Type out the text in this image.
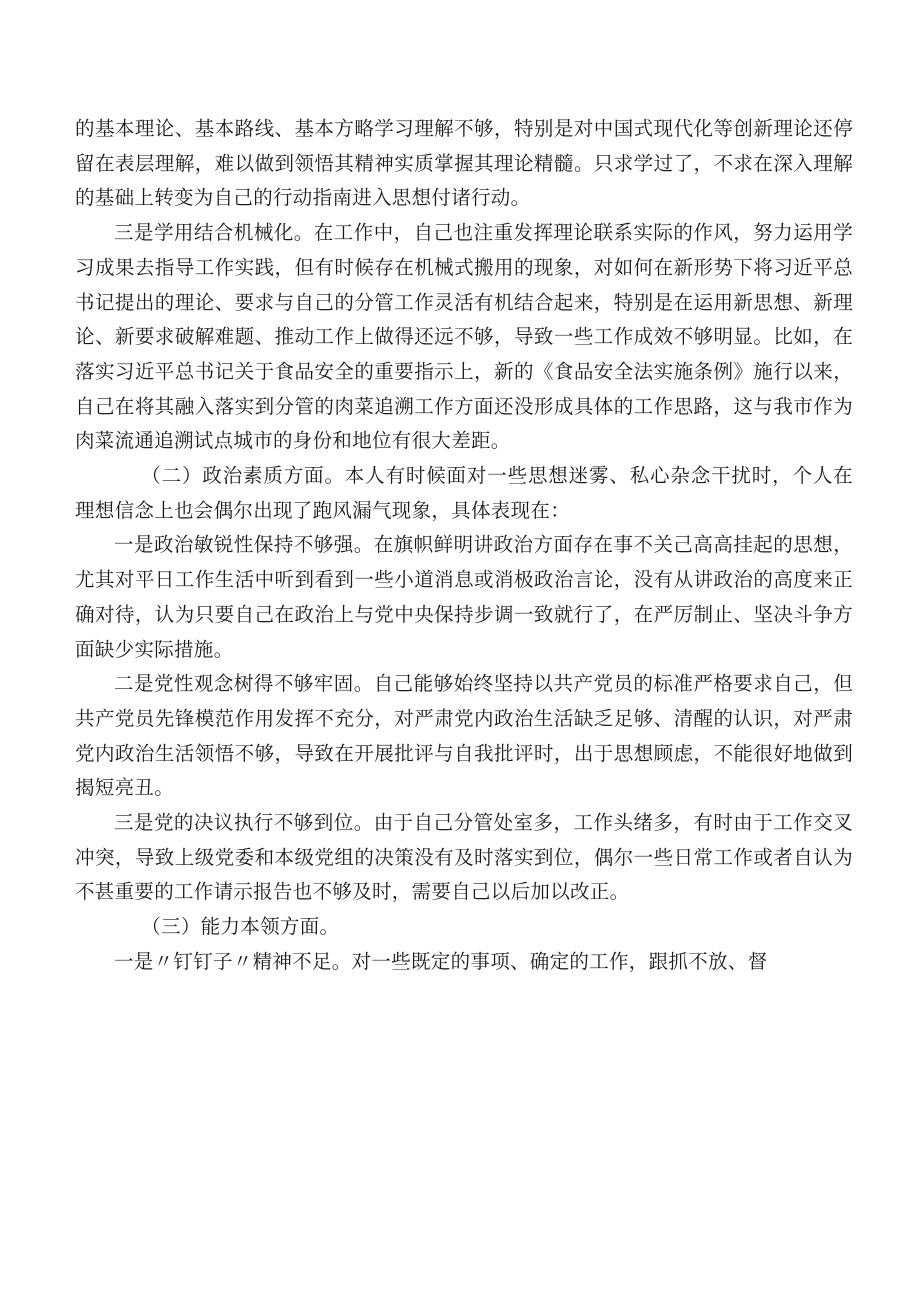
的基本理论、基本路线、基本方略学习理解不够，特别是对中国式现代化等创新理论还停留在表层理解，难以做到领悟其精神实质掌握其理论精髓。只求学过了，不求在深入理解的基础上转变为自己的行动指南进入思想付诸行动。

三是学用结合机械化。在工作中，自己也注重发挥理论联系实际的作风，努力运用学习成果去指导工作实践，但有时候存在机械式搬用的现象，对如何在新形势下将习近平总书记提出的理论、要求与自己的分管工作灵活有机结合起来，特别是在运用新思想、新理论、新要求破解难题、推动工作上做得还远不够，导致一些工作成效不够明显。比如，在落实习近平总书记关于食品安全的重要指示上，新的《食品安全法实施条例》施行以来，自己在将其融入落实到分管的肉菜追溯工作方面还没形成具体的工作思路，这与我市作为肉菜流通追溯试点城市的身份和地位有很大差距。

（二）政治素质方面。本人有时候面对一些思想迷雾、私心杂念干扰时，个人在理想信念上也会偶尔出现了跑风漏气现象，具体表现在：

一是政治敏锐性保持不够强。在旗帜鲜明讲政治方面存在事不关己高高挂起的思想，尤其对平日工作生活中听到看到一些小道消息或消极政治言论，没有从讲政治的高度来正确对待，认为只要自己在政治上与党中央保持步调一致就行了，在严厉制止、坚决斗争方面缺少实际措施。

二是党性观念树得不够牢固。自己能够始终坚持以共产党员的标准严格要求自己，但共产党员先锋模范作用发挥不充分，对严肃党内政治生活缺乏足够、清醒的认识，对严肃党内政治生活领悟不够，导致在开展批评与自我批评时，出于思想顾虑，不能很好地做到揭短亮丑。

三是党的决议执行不够到位。由于自己分管处室多，工作头绪多，有时由于工作交叉冲突，导致上级党委和本级党组的决策没有及时落实到位，偶尔一些日常工作或者自认为不甚重要的工作请示报告也不够及时，需要自己以后加以改正。

（三）能力本领方面。

一是〃钉钉子〃精神不足。对一些既定的事项、确定的工作，跟抓不放、督
